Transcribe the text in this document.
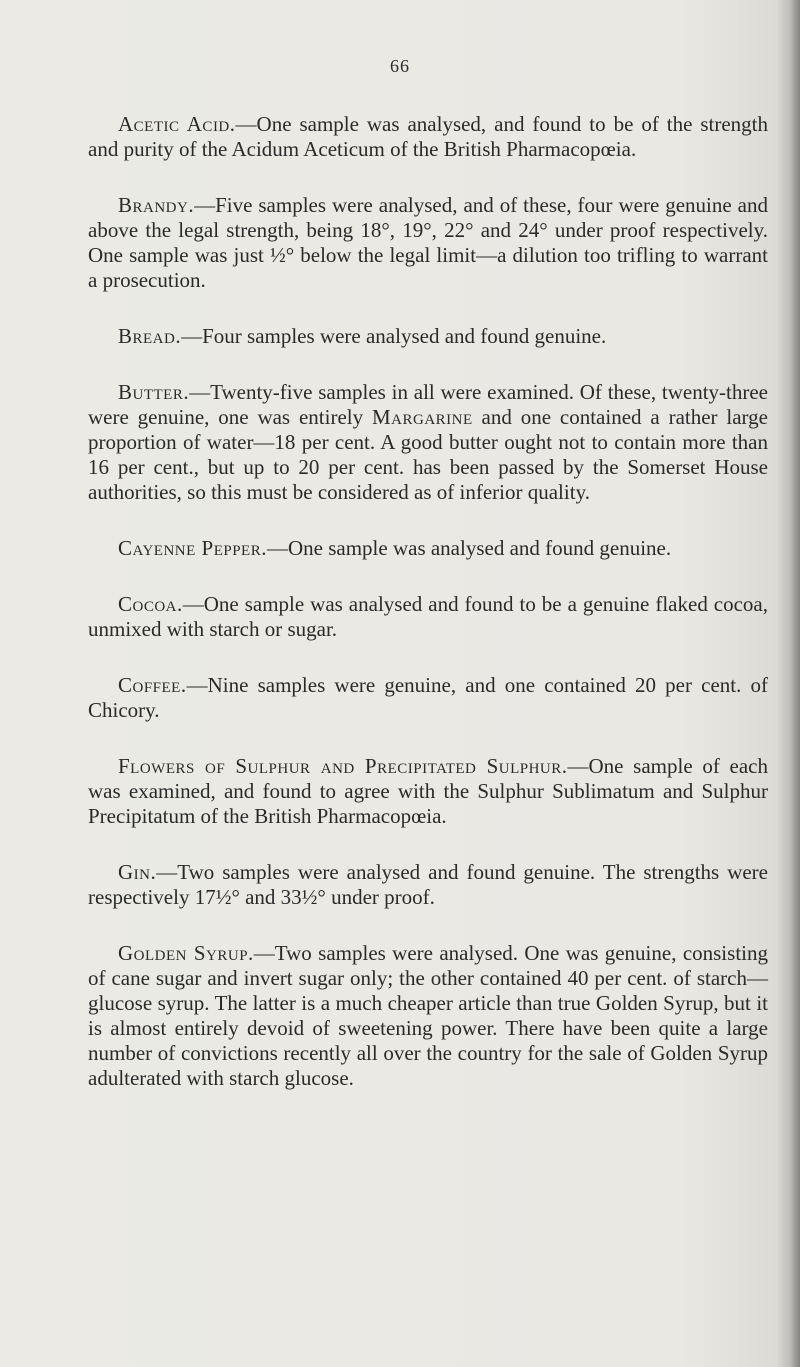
66

Acetic Acid.—One sample was analysed, and found to be of the strength and purity of the Acidum Aceticum of the British Pharmacopœia.

Brandy.—Five samples were analysed, and of these, four were genuine and above the legal strength, being 18°, 19°, 22° and 24° under proof respectively. One sample was just ½° below the legal limit—a dilution too trifling to warrant a prosecution.

Bread.—Four samples were analysed and found genuine.

Butter.—Twenty-five samples in all were examined. Of these, twenty-three were genuine, one was entirely Margarine and one contained a rather large proportion of water—18 per cent. A good butter ought not to contain more than 16 per cent., but up to 20 per cent. has been passed by the Somerset House authorities, so this must be considered as of inferior quality.

Cayenne Pepper.—One sample was analysed and found genuine.

Cocoa.—One sample was analysed and found to be a genuine flaked cocoa, unmixed with starch or sugar.

Coffee.—Nine samples were genuine, and one contained 20 per cent. of Chicory.

Flowers of Sulphur and Precipitated Sulphur.—One sample of each was examined, and found to agree with the Sulphur Sublimatum and Sulphur Precipitatum of the British Pharmacopœia.

Gin.—Two samples were analysed and found genuine. The strengths were respectively 17½° and 33½° under proof.

Golden Syrup.—Two samples were analysed. One was genuine, consisting of cane sugar and invert sugar only; the other contained 40 per cent. of starch—glucose syrup. The latter is a much cheaper article than true Golden Syrup, but it is almost entirely devoid of sweetening power. There have been quite a large number of convictions recently all over the country for the sale of Golden Syrup adulterated with starch glucose.
